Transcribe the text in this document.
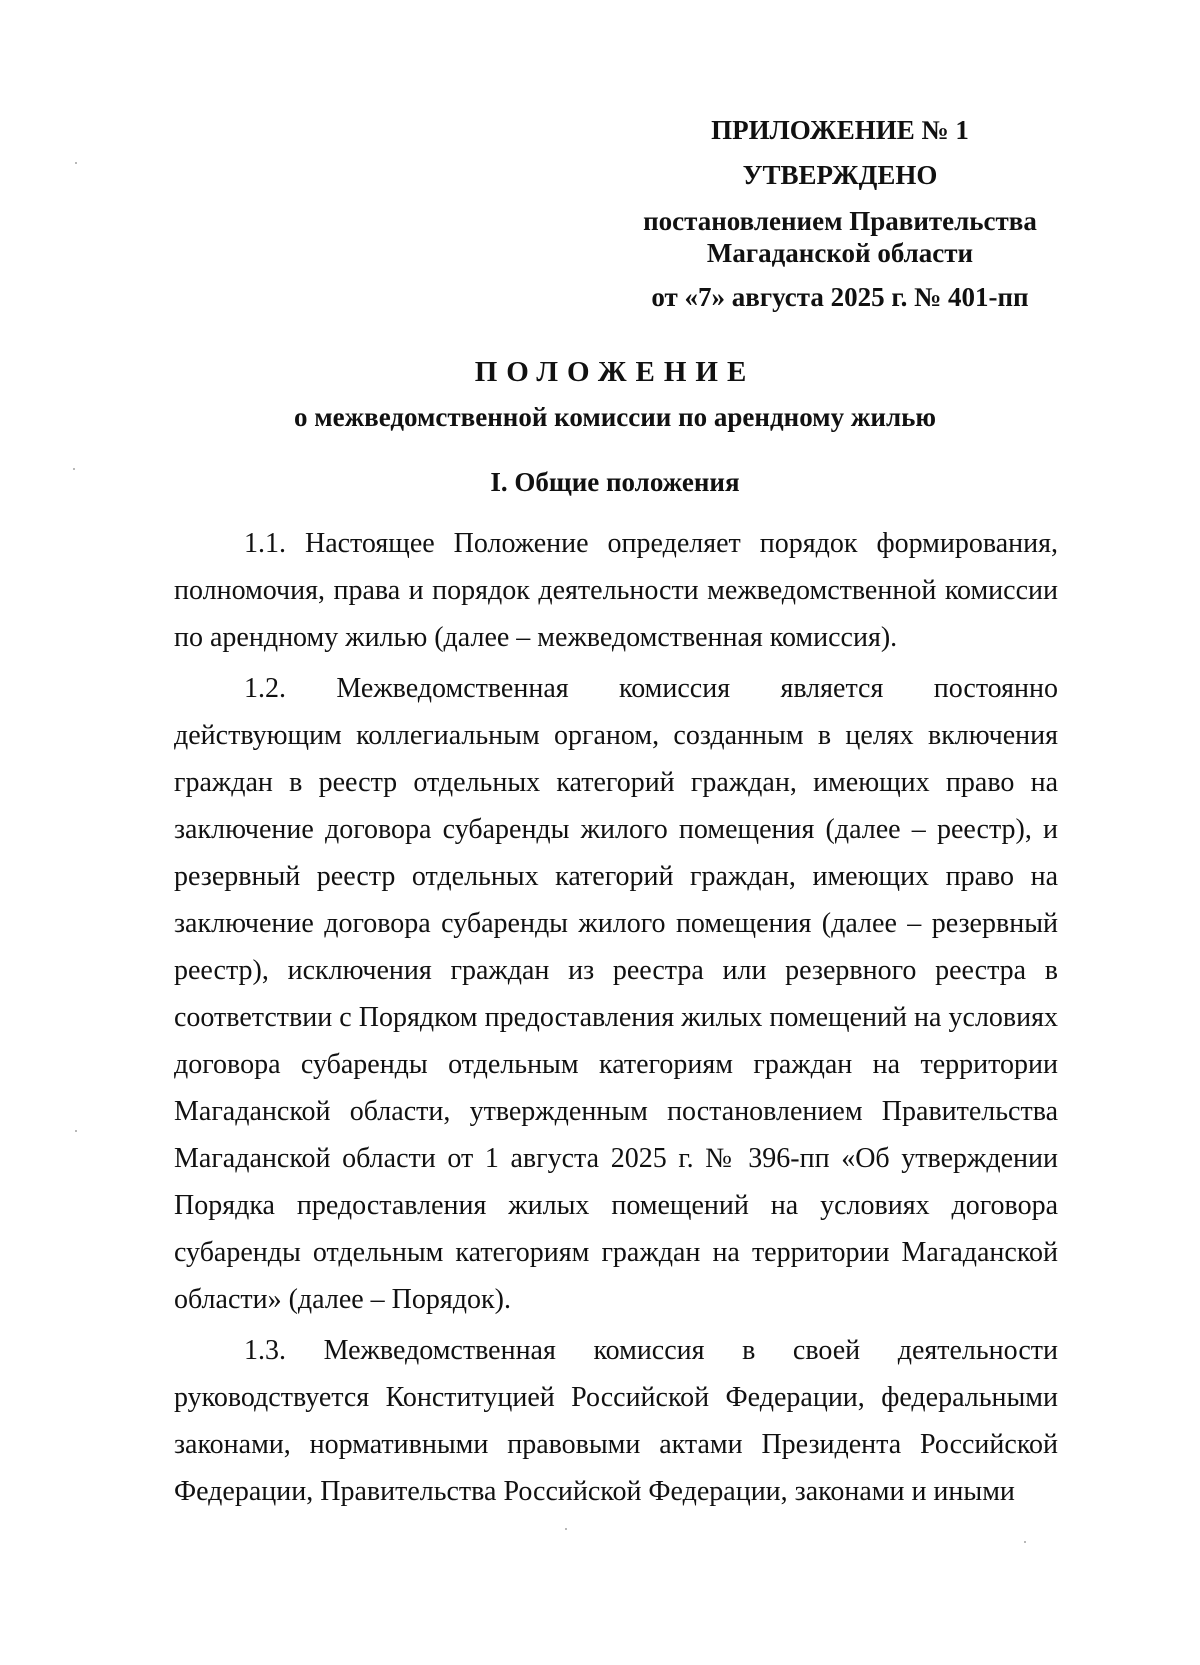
ПРИЛОЖЕНИЕ № 1

УТВЕРЖДЕНО

постановлением Правительства

Магаданской области

от «7» августа 2025 г. № 401-пп

ПОЛОЖЕНИЕ
о межведомственной комиссии по арендному жилью
I. Общие положения

1.1. Настоящее Положение определяет порядок формирования, полномочия, права и порядок деятельности межведомственной комиссии по арендному жилью (далее – межведомственная комиссия).

1.2. Межведомственная комиссия является постоянно действующим коллегиальным органом, созданным в целях включения граждан в реестр отдельных категорий граждан, имеющих право на заключение договора субаренды жилого помещения (далее – реестр), и резервный реестр отдельных категорий граждан, имеющих право на заключение договора субаренды жилого помещения (далее – резервный реестр), исключения граждан из реестра или резервного реестра в соответствии с Порядком предоставления жилых помещений на условиях договора субаренды отдельным категориям граждан на территории Магаданской области, утвержденным постановлением Правительства Магаданской области от 1 августа 2025 г. № 396-пп «Об утверждении Порядка предоставления жилых помещений на условиях договора субаренды отдельным категориям граждан на территории Магаданской области» (далее – Порядок).

1.3. Межведомственная комиссия в своей деятельности руководствуется Конституцией Российской Федерации, федеральными законами, нормативными правовыми актами Президента Российской Федерации, Правительства Российской Федерации, законами и иными
